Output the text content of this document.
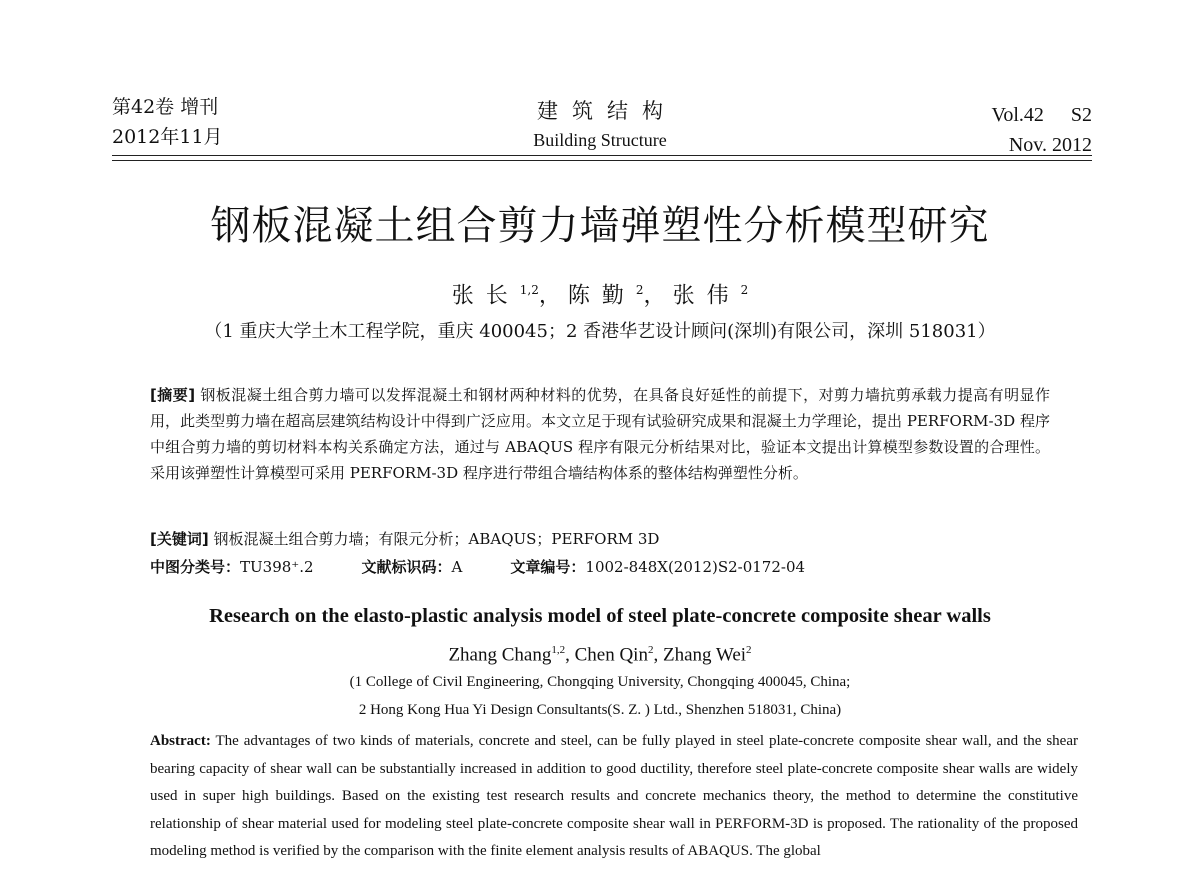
第42卷 增刊
2012年11月
建筑结构
Building Structure
Vol.42 S2
Nov. 2012
钢板混凝土组合剪力墙弹塑性分析模型研究
张长$^{1,2}$， 陈勤$^2$， 张伟$^2$
（1 重庆大学土木工程学院，重庆 400045；2 香港华艺设计顾问(深圳)有限公司，深圳 518031）
[摘要] 钢板混凝土组合剪力墙可以发挥混凝土和钢材两种材料的优势，在具备良好延性的前提下，对剪力墙抗剪承载力提高有明显作用，此类型剪力墙在超高层建筑结构设计中得到广泛应用。本文立足于现有试验研究成果和混凝土力学理论，提出 PERFORM-3D 程序中组合剪力墙的剪切材料本构关系确定方法，通过与 ABAQUS 程序有限元分析结果对比，验证本文提出计算模型参数设置的合理性。采用该弹塑性计算模型可采用 PERFORM-3D 程序进行带组合墙结构体系的整体结构弹塑性分析。
[关键词] 钢板混凝土组合剪力墙；有限元分析；ABAQUS；PERFORM 3D
中图分类号：TU398⁺.2	文献标识码：A	文章编号：1002-848X(2012)S2-0172-04
Research on the elasto-plastic analysis model of steel plate-concrete composite shear walls
Zhang Chang$^{1,2}$, Chen Qin$^2$, Zhang Wei$^2$
(1 College of Civil Engineering, Chongqing University, Chongqing 400045, China;
2 Hong Kong Hua Yi Design Consultants(S. Z. ) Ltd., Shenzhen 518031, China)
Abstract: The advantages of two kinds of materials, concrete and steel, can be fully played in steel plate-concrete composite shear wall, and the shear bearing capacity of shear wall can be substantially increased in addition to good ductility, therefore steel plate-concrete composite shear walls are widely used in super high buildings. Based on the existing test research results and concrete mechanics theory, the method to determine the constitutive relationship of shear material used for modeling steel plate-concrete composite shear wall in PERFORM-3D is proposed. The rationality of the proposed modeling method is verified by the comparison with the finite element analysis results of ABAQUS. The global
